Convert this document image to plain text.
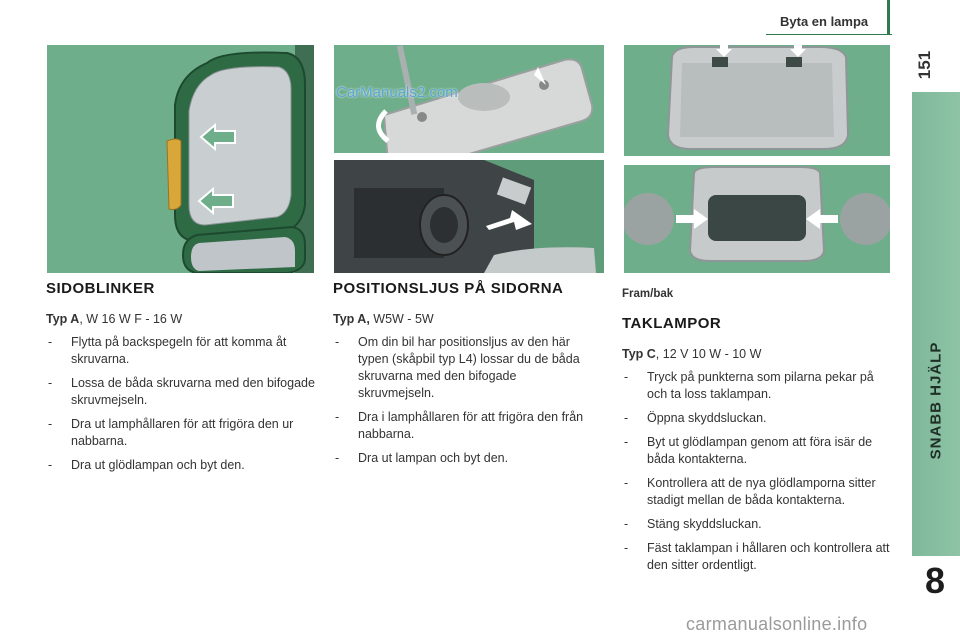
Byta en lampa
151
SNABB HJÄLP
8
CarManuals2.com
SIDOBLINKER
Typ A, W 16 W F - 16 W
- Flytta på backspegeln för att komma åt skruvarna.
- Lossa de båda skruvarna med den bifogade skruvmejseln.
- Dra ut lamphållaren för att frigöra den ur nabbarna.
- Dra ut glödlampan och byt den.
POSITIONSLJUS PÅ SIDORNA
Typ A, W5W - 5W
- Om din bil har positionsljus av den här typen (skåpbil typ L4) lossar du de båda skruvarna med den bifogade skruvmejseln.
- Dra i lamphållaren för att frigöra den från nabbarna.
- Dra ut lampan och byt den.
Fram/bak
TAKLAMPOR
Typ C, 12 V 10 W - 10 W
- Tryck på punkterna som pilarna pekar på och ta loss taklampan.
- Öppna skyddsluckan.
- Byt ut glödlampan genom att föra isär de båda kontakterna.
- Kontrollera att de nya glödlamporna sitter stadigt mellan de båda kontakterna.
- Stäng skyddsluckan.
- Fäst taklampan i hållaren och kontrollera att den sitter ordentligt.
carmanualsonline.info
